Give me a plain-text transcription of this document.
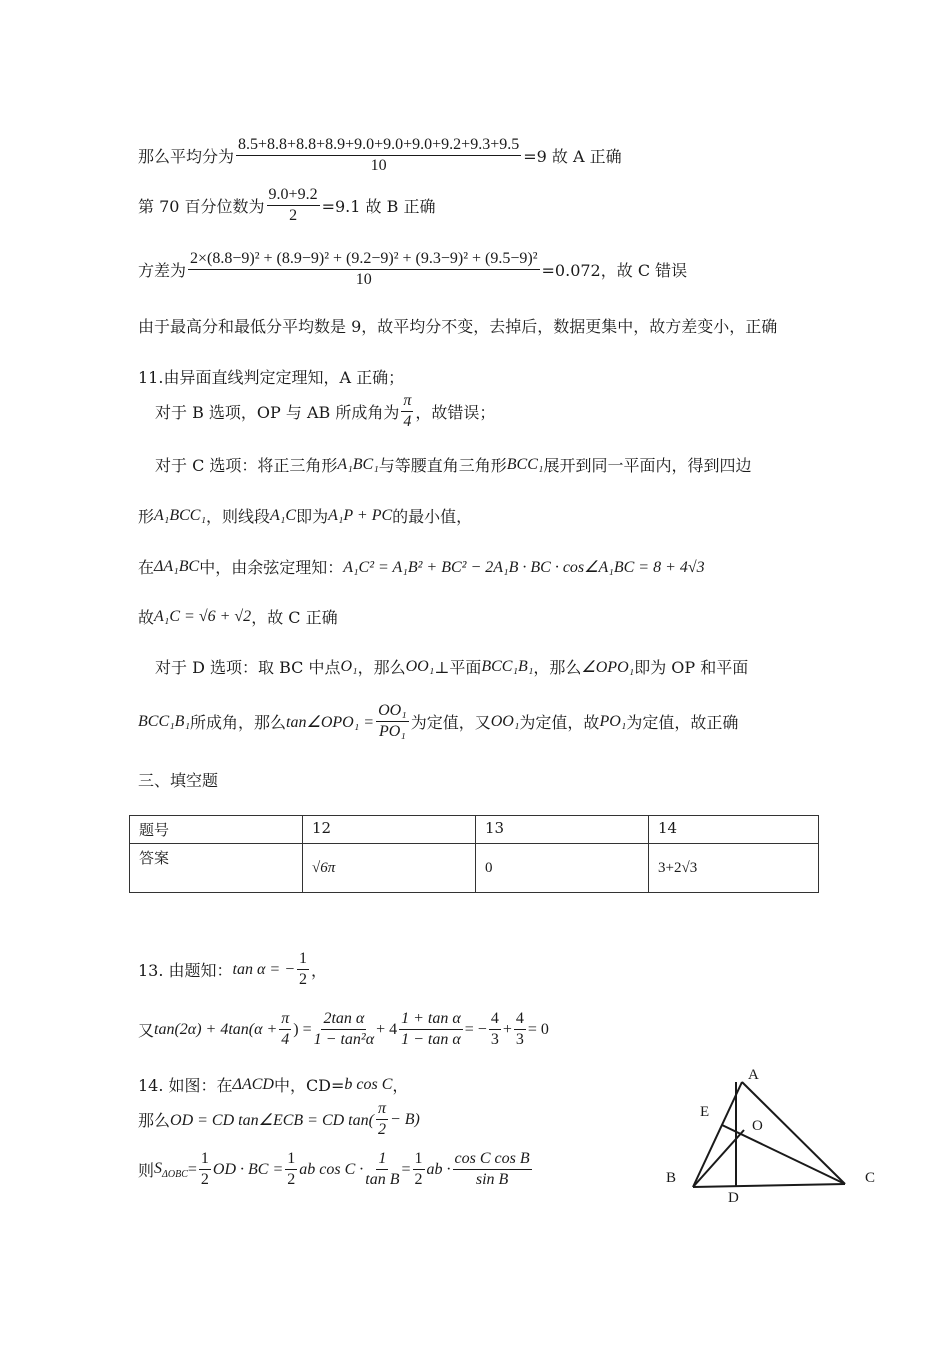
那么平均分为 $\frac{8.5+8.8+8.8+8.9+9.0+9.0+9.0+9.2+9.3+9.5}{10} =9$ 故 A 正确
第 70 百分位数为 $\frac{9.0+9.2}{2} =9.1$ 故 B 正确
方差为 $\frac{\text{2×(8.8−9)² + (8.9−9)² + (9.2−9)² + (9.3−9)² + (9.5−9)²}}{10} =0.072$，故 C 错误
由于最高分和最低分平均数是 9，故平均分不变，去掉后，数据更集中，故方差变小，正确
11.由异面直线判定定理知，A 正确；
对于 B 选项，OP 与 AB 所成角为 $\frac{\pi}{4}$ ，故错误；
对于 C 选项：将正三角形 A₁BC₁ 与等腰直角三角形 BCC₁ 展开到同一平面内，得到四边
形 A₁BCC₁ ，则线段 A₁C 即为 A₁P + PC 的最小值，
在 ΔA₁BC 中，由余弦定理知： A₁C² = A₁B² + BC² − 2A₁B · BC · cos∠A₁BC = 8 + 4√3
故 A₁C = √6 + √2 ，故 C 正确
对于 D 选项：取 BC 中点 O₁ ，那么 OO₁ ⊥平面 BCC₁B₁ ，那么 ∠OPO₁ 即为 OP 和平面
BCC₁B₁ 所成角，那么 tan∠OPO₁ = $\frac{\text{OO₁}}{\text{PO₁}}$ 为定值，又 OO₁ 为定值，故 PO₁ 为定值，故正确
三、填空题
题号	12	13	14
答案	√6π	0	3+2√3
13. 由题知： tan α = − $\frac{1}{2}$ ，
又 $\tan(2\alpha) + 4\tan(\alpha + \frac{\pi}{4}$ ) = $\frac{\text{2tan α}}{\text{1 − tan²α}} + 4 \frac{\text{1 + tan α}}{\text{1 − tan α}}$ = − $\frac{4}{3} + \frac{4}{3} = 0$
14. 如图：在 ΔACD 中，CD= b cos C ，
那么 OD = CD tan∠ECB = CD $\tan( \frac{\pi}{2} - B)$
则 $S_{\Delta OBC} = \frac{1}{2}$ OD · BC = $\frac{1}{2}$ ab $\cos C \cdot \frac{1}{\text{tan B}} = \frac{1}{2}$ ab · $\frac{\text{cos C cos B}}{\text{sin B}}$
A
E
O
B	C
D
